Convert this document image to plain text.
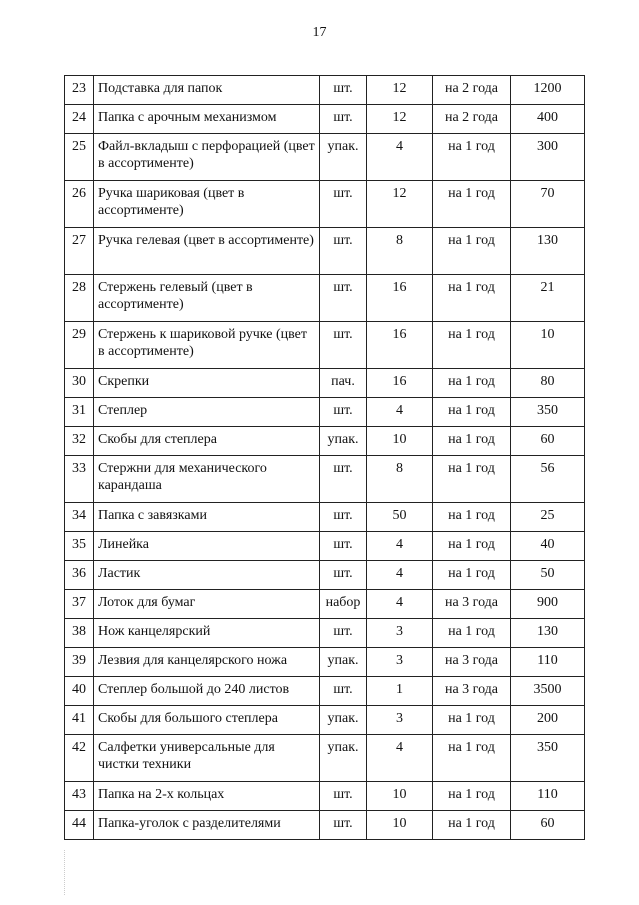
17
23	Подставка для папок	шт.	12	на 2 года	1200
24	Папка с арочным механизмом	шт.	12	на 2 года	400
25	Файл-вкладыш с перфорацией (цвет в ассортименте)	упак.	4	на 1 год	300
26	Ручка шариковая (цвет в ассортименте)	шт.	12	на 1 год	70
27	Ручка гелевая (цвет в ассортименте)	шт.	8	на 1 год	130
28	Стержень гелевый (цвет в ассортименте)	шт.	16	на 1 год	21
29	Стержень к шариковой ручке (цвет в ассортименте)	шт.	16	на 1 год	10
30	Скрепки	пач.	16	на 1 год	80
31	Степлер	шт.	4	на 1 год	350
32	Скобы для степлера	упак.	10	на 1 год	60
33	Стержни для механического карандаша	шт.	8	на 1 год	56
34	Папка с завязками	шт.	50	на 1 год	25
35	Линейка	шт.	4	на 1 год	40
36	Ластик	шт.	4	на 1 год	50
37	Лоток для бумаг	набор	4	на 3 года	900
38	Нож канцелярский	шт.	3	на 1 год	130
39	Лезвия для канцелярского ножа	упак.	3	на 3 года	110
40	Степлер большой до 240 листов	шт.	1	на 3 года	3500
41	Скобы для большого степлера	упак.	3	на 1 год	200
42	Салфетки универсальные для чистки техники	упак.	4	на 1 год	350
43	Папка на 2-х кольцах	шт.	10	на 1 год	110
44	Папка-уголок с разделителями	шт.	10	на 1 год	60
